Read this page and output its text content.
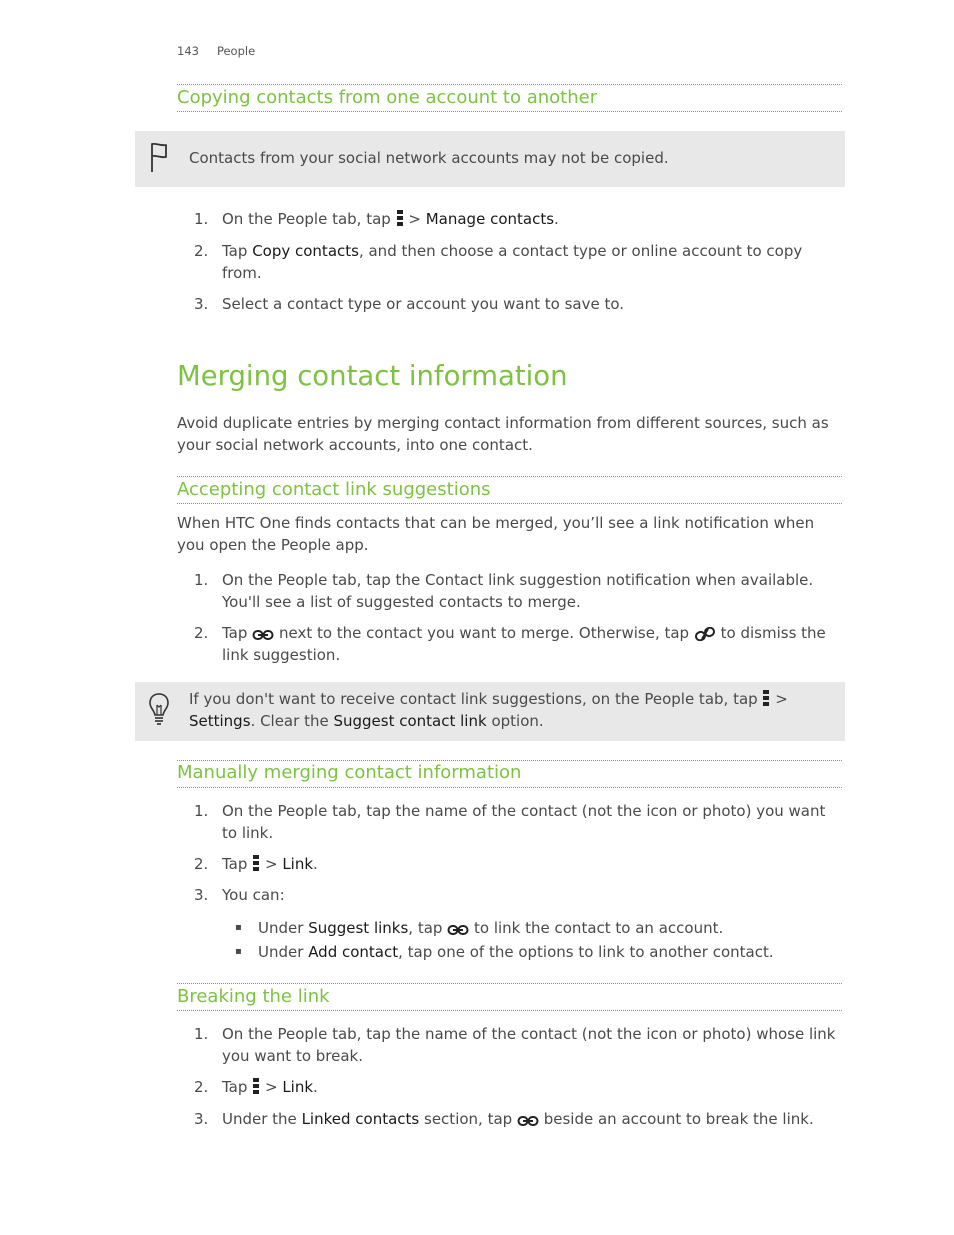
143 People
Copying contacts from one account to another
Contacts from your social network accounts may not be copied.
1. On the People tab, tap > Manage contacts.
2. Tap Copy contacts, and then choose a contact type or online account to copy from.
3. Select a contact type or account you want to save to.
Merging contact information
Avoid duplicate entries by merging contact information from different sources, such as your social network accounts, into one contact.
Accepting contact link suggestions
When HTC One finds contacts that can be merged, you’ll see a link notification when you open the People app.
1. On the People tab, tap the Contact link suggestion notification when available. You'll see a list of suggested contacts to merge.
2. Tap next to the contact you want to merge. Otherwise, tap to dismiss the link suggestion.
If you don't want to receive contact link suggestions, on the People tab, tap > Settings. Clear the Suggest contact link option.
Manually merging contact information
1. On the People tab, tap the name of the contact (not the icon or photo) you want to link.
2. Tap > Link.
3. You can:
▪ Under Suggest links, tap to link the contact to an account.
▪ Under Add contact, tap one of the options to link to another contact.
Breaking the link
1. On the People tab, tap the name of the contact (not the icon or photo) whose link you want to break.
2. Tap > Link.
3. Under the Linked contacts section, tap beside an account to break the link.
